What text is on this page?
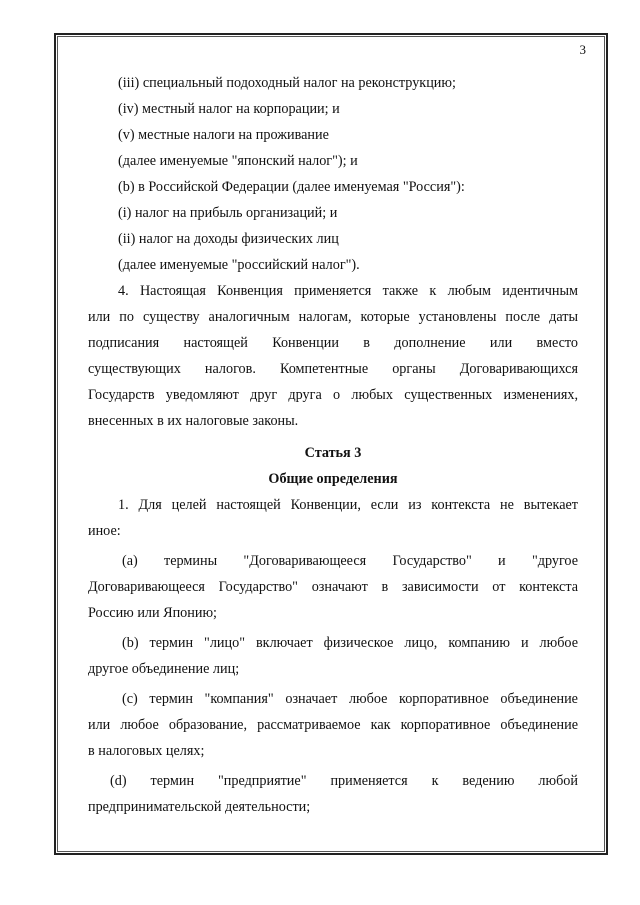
3
(iii) специальный подоходный налог на реконструкцию;
(iv) местный налог на корпорации; и
(v) местные налоги на проживание
(далее именуемые "японский налог"); и
(b) в Российской Федерации (далее именуемая "Россия"):
(i) налог на прибыль организаций; и
(ii) налог на доходы физических лиц
(далее именуемые "российский налог").

4. Настоящая Конвенция применяется также к любым идентичным

или по существу аналогичным налогам, которые установлены после даты

подписания настоящей Конвенции в дополнение или вместо

существующих налогов. Компетентные органы Договаривающихся

Государств уведомляют друг друга о любых существенных изменениях,

внесенных в их налоговые законы.

Статья 3
Общие определения

1. Для целей настоящей Конвенции, если из контекста не вытекает

иное:

(a) термины "Договаривающееся Государство" и "другое

Договаривающееся Государство" означают в зависимости от контекста

Россию или Японию;

(b) термин "лицо" включает физическое лицо, компанию и любое

другое объединение лиц;

(c) термин "компания" означает любое корпоративное объединение

или любое образование, рассматриваемое как корпоративное объединение

в налоговых целях;

(d) термин "предприятие" применяется к ведению любой

предпринимательской деятельности;
